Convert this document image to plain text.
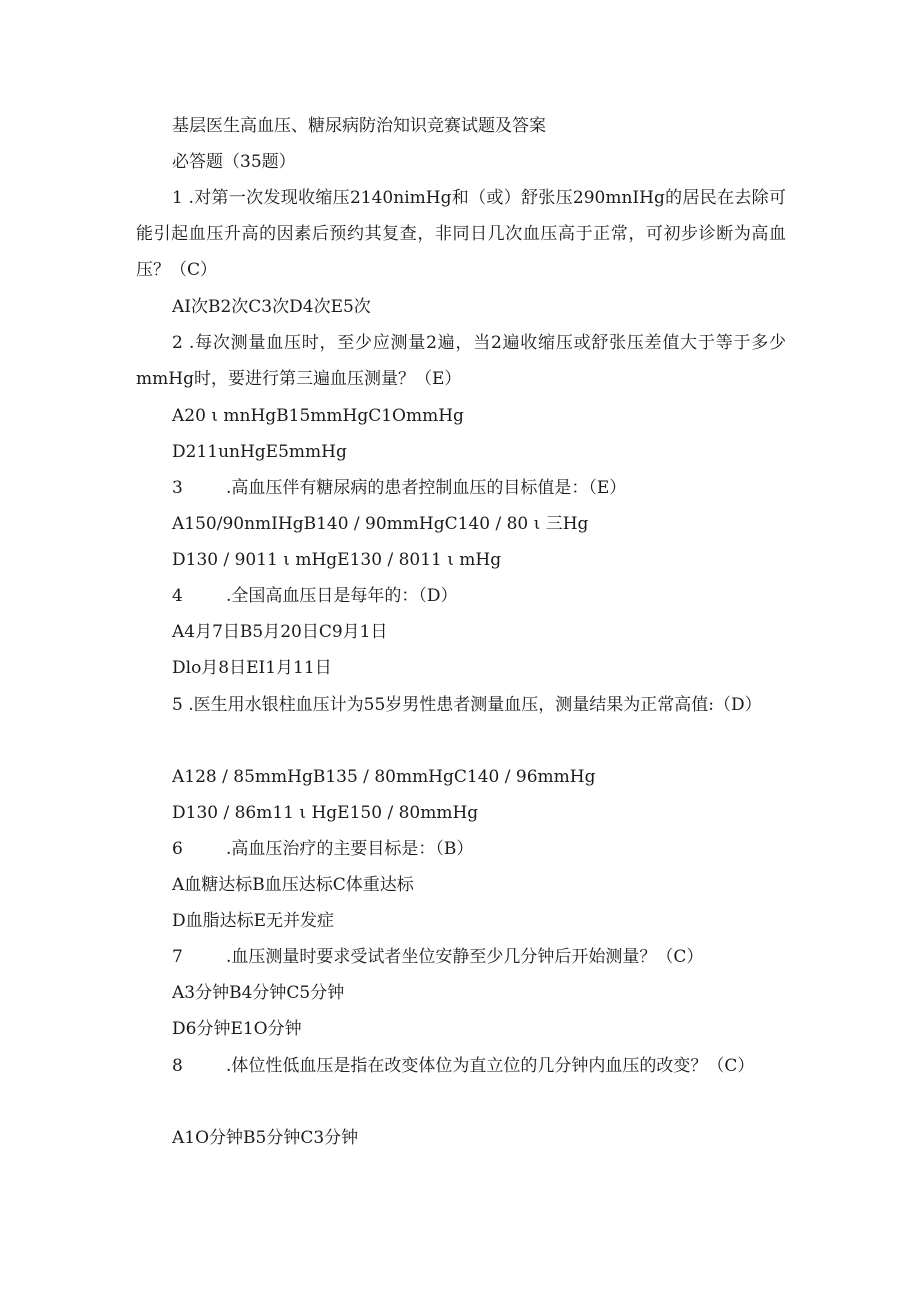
基层医生高血压、糖尿病防治知识竞赛试题及答案

必答题（35题）

1 .对第一次发现收缩压2140nimHg和（或）舒张压290mnIHg的居民在去除可能引起血压升高的因素后预约其复查，非同日几次血压高于正常，可初步诊断为高血压？（C）

AI次B2次C3次D4次E5次

2 .每次测量血压时，至少应测量2遍，当2遍收缩压或舒张压差值大于等于多少mmHg时，要进行第三遍血压测量？（E）

A20 ι mnHgB15mmHgC1OmmHg

D211unHgE5mmHg

3	.高血压伴有糖尿病的患者控制血压的目标值是：（E）

A150/90nmIHgB140 / 90mmHgC140 / 80 ι 三Hg

D130 / 9011 ι mHgE130 / 8011 ι mHg

4	.全国高血压日是每年的：（D）

A4月7日B5月20日C9月1日

Dlo月8日EI1月11日

5 .医生用水银柱血压计为55岁男性患者测量血压，测量结果为正常高值:（D）

A128 / 85mmHgB135 / 80mmHgC140 / 96mmHg

D130 / 86m11 ι HgE150 / 80mmHg

6	.高血压治疗的主要目标是：（B）

A血糖达标B血压达标C体重达标

D血脂达标E无并发症

7	.血压测量时要求受试者坐位安静至少几分钟后开始测量？（C）

A3分钟B4分钟C5分钟

D6分钟E1O分钟

8	.体位性低血压是指在改变体位为直立位的几分钟内血压的改变？（C）

A1O分钟B5分钟C3分钟
